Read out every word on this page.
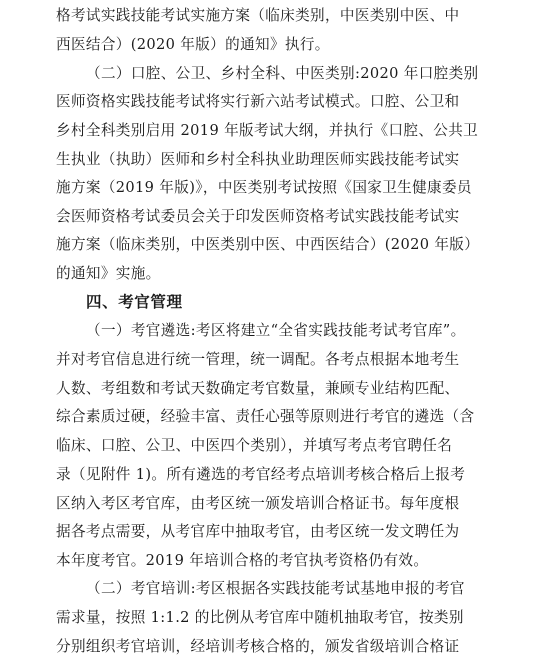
格考试实践技能考试实施方案（临床类别，中医类别中医、中
西医结合）(2020 年版）的通知》执行。
（二）口腔、公卫、乡村全科、中医类别:2020 年口腔类别
医师资格实践技能考试将实行新六站考试模式。口腔、公卫和
乡村全科类别启用 2019 年版考试大纲，并执行《口腔、公共卫
生执业（执助）医师和乡村全科执业助理医师实践技能考试实
施方案（2019 年版)》，中医类别考试按照《国家卫生健康委员
会医师资格考试委员会关于印发医师资格考试实践技能考试实
施方案（临床类别，中医类别中医、中西医结合）(2020 年版）
的通知》实施。
四、考官管理
（一）考官遴选:考区将建立“全省实践技能考试考官库”。
并对考官信息进行统一管理，统一调配。各考点根据本地考生
人数、考组数和考试天数确定考官数量，兼顾专业结构匹配、
综合素质过硬，经验丰富、责任心强等原则进行考官的遴选（含
临床、口腔、公卫、中医四个类别），并填写考点考官聘任名
录（见附件 1)。所有遴选的考官经考点培训考核合格后上报考
区纳入考区考官库，由考区统一颁发培训合格证书。每年度根
据各考点需要，从考官库中抽取考官，由考区统一发文聘任为
本年度考官。2019 年培训合格的考官执考资格仍有效。
（二）考官培训:考区根据各实践技能考试基地申报的考官
需求量，按照 1:1.2 的比例从考官库中随机抽取考官，按类别
分别组织考官培训，经培训考核合格的，颁发省级培训合格证
